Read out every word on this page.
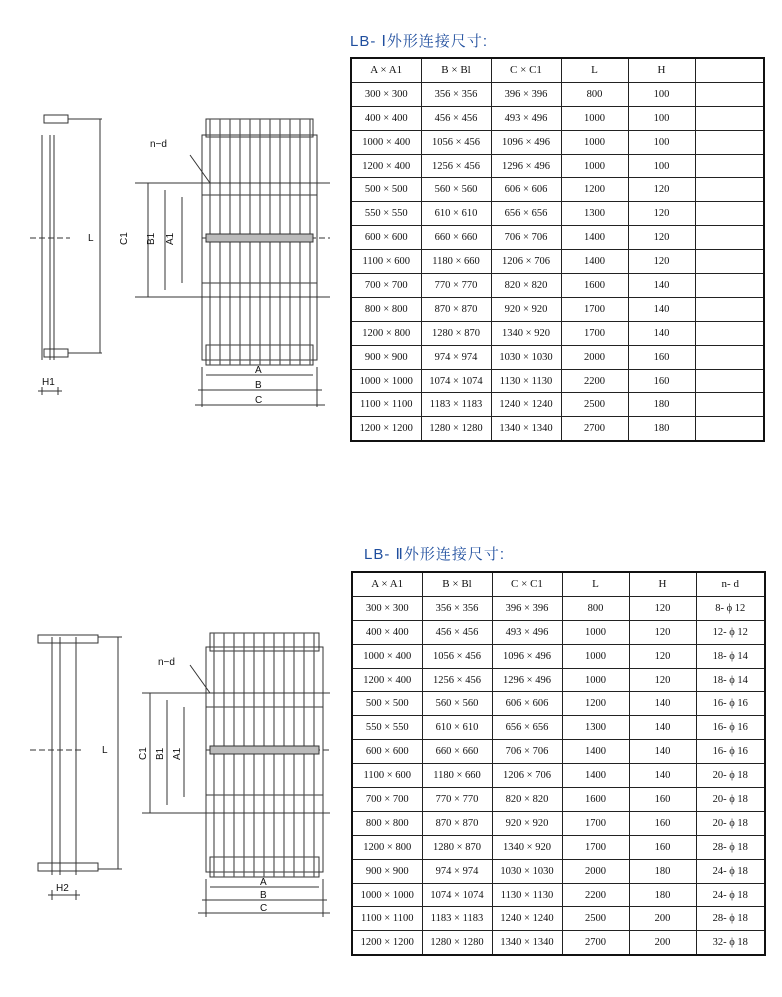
LB- Ⅰ外形连接尺寸:
A × A1	B × Bl	C × C1	L	H	
300 × 300	356 × 356	396 × 396	800	100	
400 × 400	456 × 456	493 × 496	1000	100	
1000 × 400	1056 × 456	1096 × 496	1000	100	
1200 × 400	1256 × 456	1296 × 496	1000	100	
500 × 500	560 × 560	606 × 606	1200	120	
550 × 550	610 × 610	656 × 656	1300	120	
600 × 600	660 × 660	706 × 706	1400	120	
1100 × 600	1180 × 660	1206 × 706	1400	120	
700 × 700	770 × 770	820 × 820	1600	140	
800 × 800	870 × 870	920 × 920	1700	140	
1200 × 800	1280 × 870	1340 × 920	1700	140	
900 × 900	974 × 974	1030 × 1030	2000	160	
1000 × 1000	1074 × 1074	1130 × 1130	2200	160	
1100 × 1100	1183 × 1183	1240 × 1240	2500	180	
1200 × 1200	1280 × 1280	1340 × 1340	2700	180	
LB- Ⅱ外形连接尺寸:
A × A1	B × Bl	C × C1	L	H	n- d
300 × 300	356 × 356	396 × 396	800	120	8- ϕ 12
400 × 400	456 × 456	493 × 496	1000	120	12- ϕ 12
1000 × 400	1056 × 456	1096 × 496	1000	120	18- ϕ 14
1200 × 400	1256 × 456	1296 × 496	1000	120	18- ϕ 14
500 × 500	560 × 560	606 × 606	1200	140	16- ϕ 16
550 × 550	610 × 610	656 × 656	1300	140	16- ϕ 16
600 × 600	660 × 660	706 × 706	1400	140	16- ϕ 16
1100 × 600	1180 × 660	1206 × 706	1400	140	20- ϕ 18
700 × 700	770 × 770	820 × 820	1600	160	20- ϕ 18
800 × 800	870 × 870	920 × 920	1700	160	20- ϕ 18
1200 × 800	1280 × 870	1340 × 920	1700	160	28- ϕ 18
900 × 900	974 × 974	1030 × 1030	2000	180	24- ϕ 18
1000 × 1000	1074 × 1074	1130 × 1130	2200	180	24- ϕ 18
1100 × 1100	1183 × 1183	1240 × 1240	2500	200	28- ϕ 18
1200 × 1200	1280 × 1280	1340 × 1340	2700	200	32- ϕ 18
n−d
L	C1 B1 A1
A
B
C
H1
n−d
L	C1 B1 A1
A
B
C
H2
